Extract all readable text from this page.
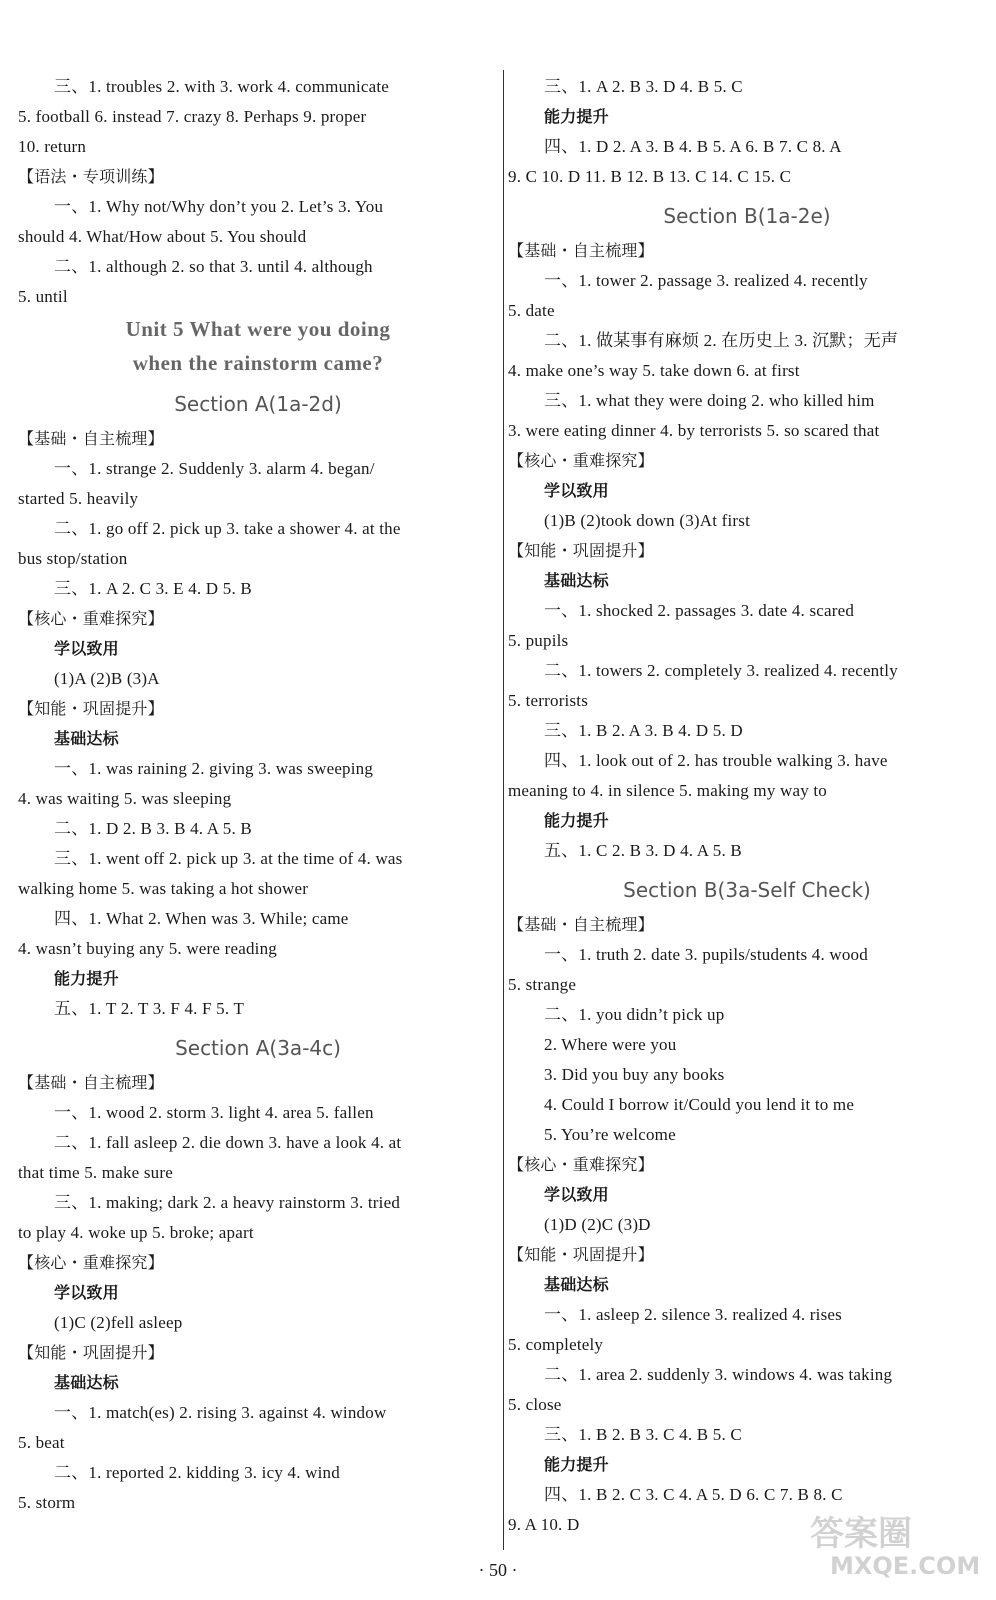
三、1. troubles 2. with 3. work 4. communicate
5. football 6. instead 7. crazy 8. Perhaps 9. proper
10. return
【语法・专项训练】
一、1. Why not/Why don’t you 2. Let’s 3. You
should 4. What/How about 5. You should
二、1. although 2. so that 3. until 4. although
5. until
Unit 5 What were you doing
when the rainstorm came?
Section A(1a-2d)
【基础・自主梳理】
一、1. strange 2. Suddenly 3. alarm 4. began/
started 5. heavily
二、1. go off 2. pick up 3. take a shower 4. at the
bus stop/station
三、1. A 2. C 3. E 4. D 5. B
【核心・重难探究】
学以致用
(1)A (2)B (3)A
【知能・巩固提升】
基础达标
一、1. was raining 2. giving 3. was sweeping
4. was waiting 5. was sleeping
二、1. D 2. B 3. B 4. A 5. B
三、1. went off 2. pick up 3. at the time of 4. was
walking home 5. was taking a hot shower
四、1. What 2. When was 3. While; came
4. wasn’t buying any 5. were reading
能力提升
五、1. T 2. T 3. F 4. F 5. T
Section A(3a-4c)
【基础・自主梳理】
一、1. wood 2. storm 3. light 4. area 5. fallen
二、1. fall asleep 2. die down 3. have a look 4. at
that time 5. make sure
三、1. making; dark 2. a heavy rainstorm 3. tried
to play 4. woke up 5. broke; apart
【核心・重难探究】
学以致用
(1)C (2)fell asleep
【知能・巩固提升】
基础达标
一、1. match(es) 2. rising 3. against 4. window
5. beat
二、1. reported 2. kidding 3. icy 4. wind
5. storm
三、1. A 2. B 3. D 4. B 5. C
能力提升
四、1. D 2. A 3. B 4. B 5. A 6. B 7. C 8. A
9. C 10. D 11. B 12. B 13. C 14. C 15. C
Section B(1a-2e)
【基础・自主梳理】
一、1. tower 2. passage 3. realized 4. recently
5. date
二、1. 做某事有麻烦 2. 在历史上 3. 沉默；无声
4. make one’s way 5. take down 6. at first
三、1. what they were doing 2. who killed him
3. were eating dinner 4. by terrorists 5. so scared that
【核心・重难探究】
学以致用
(1)B (2)took down (3)At first
【知能・巩固提升】
基础达标
一、1. shocked 2. passages 3. date 4. scared
5. pupils
二、1. towers 2. completely 3. realized 4. recently
5. terrorists
三、1. B 2. A 3. B 4. D 5. D
四、1. look out of 2. has trouble walking 3. have
meaning to 4. in silence 5. making my way to
能力提升
五、1. C 2. B 3. D 4. A 5. B
Section B(3a-Self Check)
【基础・自主梳理】
一、1. truth 2. date 3. pupils/students 4. wood
5. strange
二、1. you didn’t pick up
2. Where were you
3. Did you buy any books
4. Could I borrow it/Could you lend it to me
5. You’re welcome
【核心・重难探究】
学以致用
(1)D (2)C (3)D
【知能・巩固提升】
基础达标
一、1. asleep 2. silence 3. realized 4. rises
5. completely
二、1. area 2. suddenly 3. windows 4. was taking
5. close
三、1. B 2. B 3. C 4. B 5. C
能力提升
四、1. B 2. C 3. C 4. A 5. D 6. C 7. B 8. C
9. A 10. D
· 50 ·
答案圈
MXQE.COM
